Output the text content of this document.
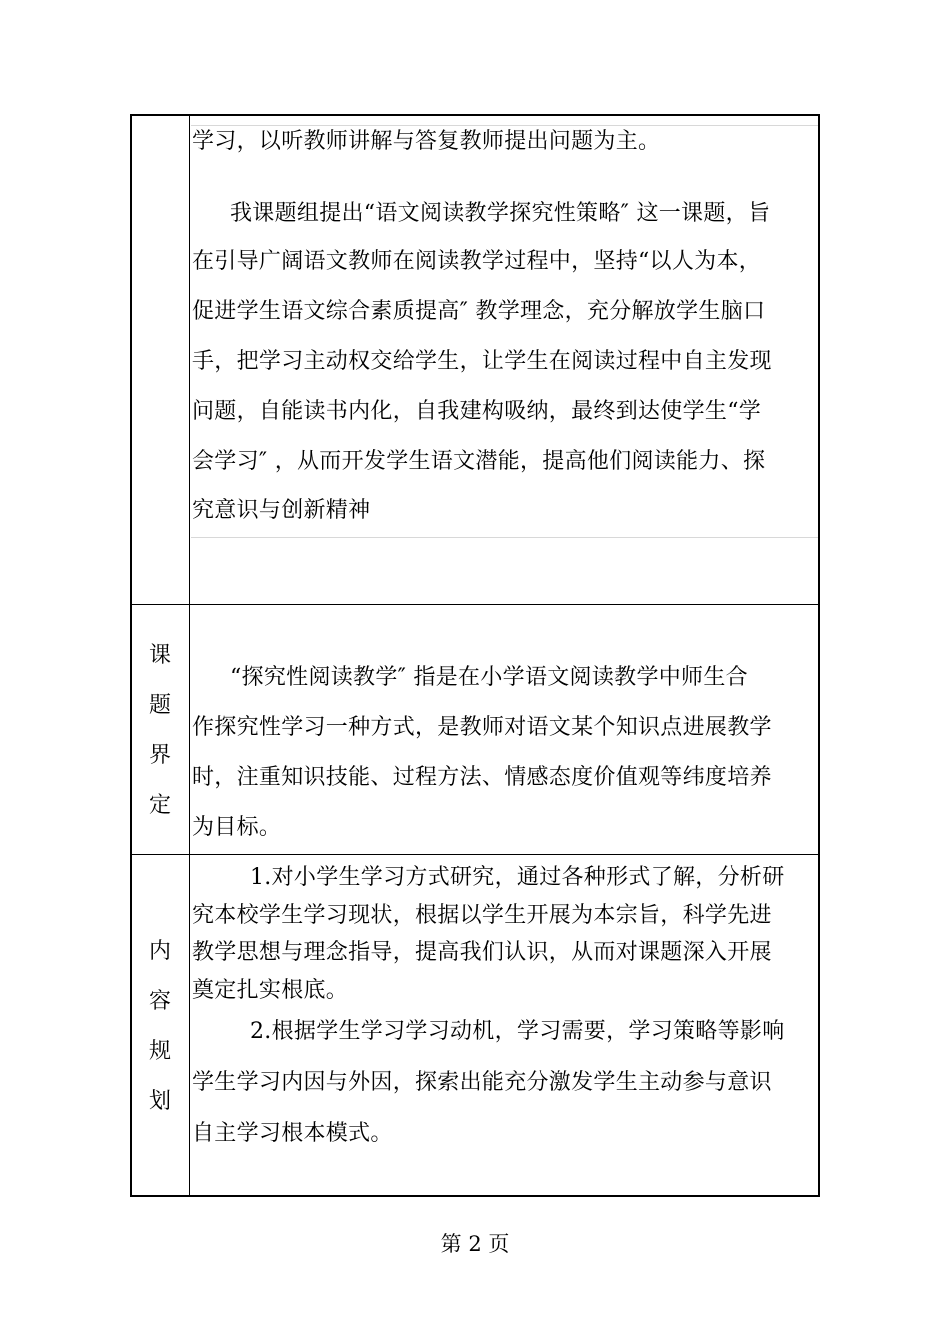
学习，以听教师讲解与答复教师提出问题为主。

我课题组提出“语文阅读教学探究性策略″ 这一课题，旨

在引导广阔语文教师在阅读教学过程中，坚持“以人为本，

促进学生语文综合素质提高″ 教学理念，充分解放学生脑口

手，把学习主动权交给学生，让学生在阅读过程中自主发现

问题，自能读书内化，自我建构吸纳，最终到达使学生“学

会学习″ ，从而开发学生语文潜能，提高他们阅读能力、探

究意识与创新精神

课
题
界
定

“探究性阅读教学″ 指是在小学语文阅读教学中师生合

作探究性学习一种方式，是教师对语文某个知识点进展教学

时，注重知识技能、过程方法、情感态度价值观等纬度培养

为目标。

内
容
规
划

1.对小学生学习方式研究，通过各种形式了解，分析研

究本校学生学习现状，根据以学生开展为本宗旨，科学先进

教学思想与理念指导，提高我们认识，从而对课题深入开展

奠定扎实根底。

2.根据学生学习学习动机，学习需要，学习策略等影响

学生学习内因与外因，探索出能充分激发学生主动参与意识

自主学习根本模式。

第 2 页
